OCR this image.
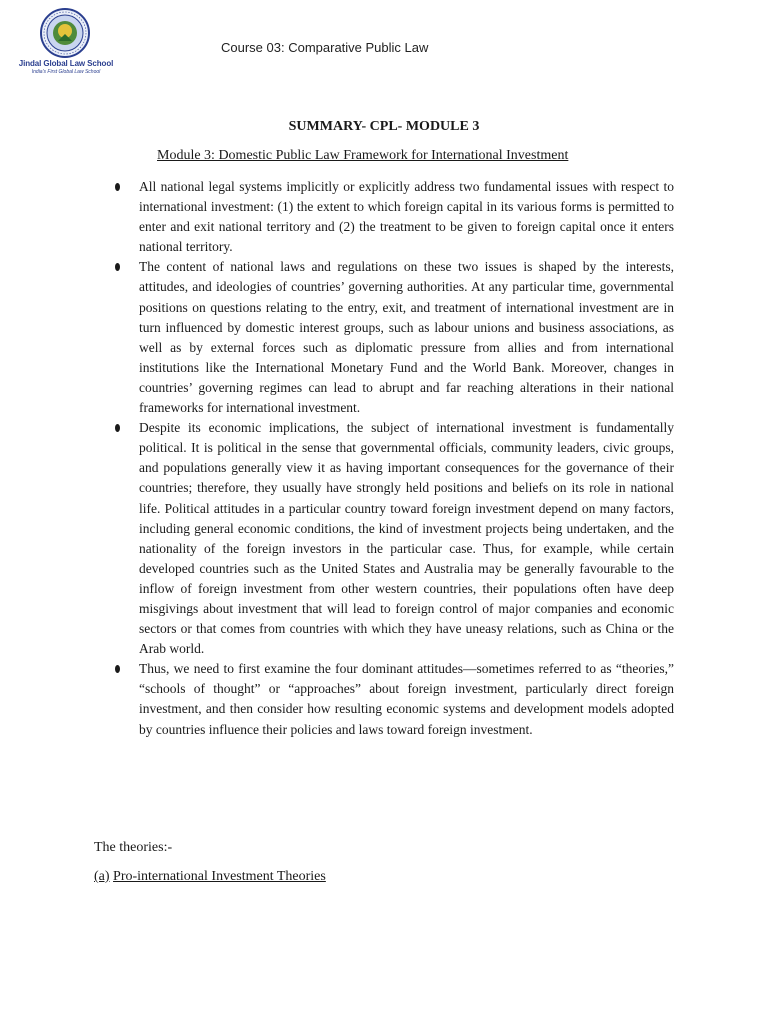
Jindal Global Law School
India's First Global Law School
Course 03: Comparative Public Law
SUMMARY- CPL- MODULE 3
Module 3: Domestic Public Law Framework for International Investment
All national legal systems implicitly or explicitly address two fundamental issues with respect to international investment: (1) the extent to which foreign capital in its various forms is permitted to enter and exit national territory and (2) the treatment to be given to foreign capital once it enters national territory.
The content of national laws and regulations on these two issues is shaped by the interests, attitudes, and ideologies of countries’ governing authorities. At any particular time, governmental positions on questions relating to the entry, exit, and treatment of international investment are in turn influenced by domestic interest groups, such as labour unions and business associations, as well as by external forces such as diplomatic pressure from allies and from international institutions like the International Monetary Fund and the World Bank. Moreover, changes in countries’ governing regimes can lead to abrupt and far reaching alterations in their national frameworks for international investment.
Despite its economic implications, the subject of international investment is fundamentally political. It is political in the sense that governmental officials, community leaders, civic groups, and populations generally view it as having important consequences for the governance of their countries; therefore, they usually have strongly held positions and beliefs on its role in national life. Political attitudes in a particular country toward foreign investment depend on many factors, including general economic conditions, the kind of investment projects being undertaken, and the nationality of the foreign investors in the particular case. Thus, for example, while certain developed countries such as the United States and Australia may be generally favourable to the inflow of foreign investment from other western countries, their populations often have deep misgivings about investment that will lead to foreign control of major companies and economic sectors or that comes from countries with which they have uneasy relations, such as China or the Arab world.
Thus, we need to first examine the four dominant attitudes—sometimes referred to as “theories,” “schools of thought” or “approaches” about foreign investment, particularly direct foreign investment, and then consider how resulting economic systems and development models adopted by countries influence their policies and laws toward foreign investment.
The theories:-
(a) Pro-international Investment Theories
